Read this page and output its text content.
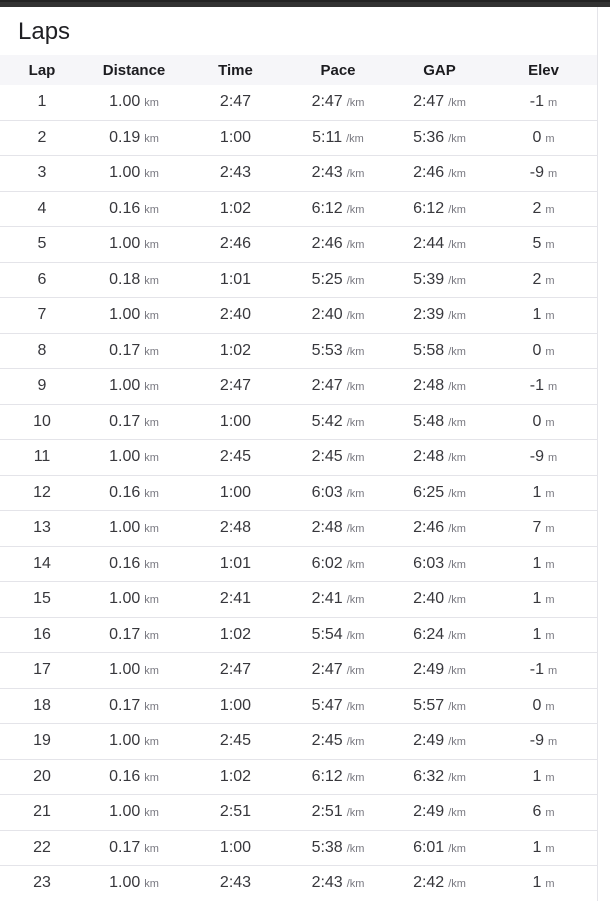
Laps
Lap	Distance	Time	Pace	GAP	Elev
1	1.00 km	2:47	2:47 /km	2:47 /km	-1 m
2	0.19 km	1:00	5:11 /km	5:36 /km	0 m
3	1.00 km	2:43	2:43 /km	2:46 /km	-9 m
4	0.16 km	1:02	6:12 /km	6:12 /km	2 m
5	1.00 km	2:46	2:46 /km	2:44 /km	5 m
6	0.18 km	1:01	5:25 /km	5:39 /km	2 m
7	1.00 km	2:40	2:40 /km	2:39 /km	1 m
8	0.17 km	1:02	5:53 /km	5:58 /km	0 m
9	1.00 km	2:47	2:47 /km	2:48 /km	-1 m
10	0.17 km	1:00	5:42 /km	5:48 /km	0 m
11	1.00 km	2:45	2:45 /km	2:48 /km	-9 m
12	0.16 km	1:00	6:03 /km	6:25 /km	1 m
13	1.00 km	2:48	2:48 /km	2:46 /km	7 m
14	0.16 km	1:01	6:02 /km	6:03 /km	1 m
15	1.00 km	2:41	2:41 /km	2:40 /km	1 m
16	0.17 km	1:02	5:54 /km	6:24 /km	1 m
17	1.00 km	2:47	2:47 /km	2:49 /km	-1 m
18	0.17 km	1:00	5:47 /km	5:57 /km	0 m
19	1.00 km	2:45	2:45 /km	2:49 /km	-9 m
20	0.16 km	1:02	6:12 /km	6:32 /km	1 m
21	1.00 km	2:51	2:51 /km	2:49 /km	6 m
22	0.17 km	1:00	5:38 /km	6:01 /km	1 m
23	1.00 km	2:43	2:43 /km	2:42 /km	1 m
